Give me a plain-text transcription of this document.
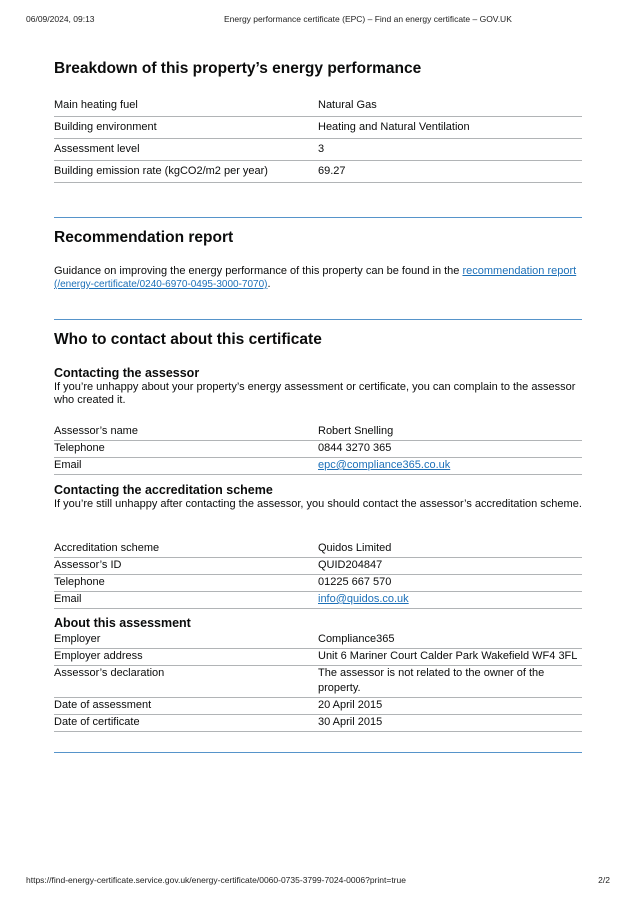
06/09/2024, 09:13	Energy performance certificate (EPC) – Find an energy certificate – GOV.UK
Breakdown of this property’s energy performance
Main heating fuel	Natural Gas
Building environment	Heating and Natural Ventilation
Assessment level	3
Building emission rate (kgCO2/m2 per year)	69.27
Recommendation report

Guidance on improving the energy performance of this property can be found in the recommendation report (/energy-certificate/0240-6970-0495-3000-7070).

Who to contact about this certificate
Contacting the assessor

If you’re unhappy about your property’s energy assessment or certificate, you can complain to the assessor who created it.

Assessor’s name	Robert Snelling
Telephone	0844 3270 365
Email	epc@compliance365.co.uk
Contacting the accreditation scheme

If you’re still unhappy after contacting the assessor, you should contact the assessor’s accreditation scheme.

Accreditation scheme	Quidos Limited
Assessor’s ID	QUID204847
Telephone	01225 667 570
Email	info@quidos.co.uk
About this assessment
Employer	Compliance365
Employer address	Unit 6 Mariner Court Calder Park Wakefield WF4 3FL
Assessor’s declaration	The assessor is not related to the owner of the property.
Date of assessment	20 April 2015
Date of certificate	30 April 2015
https://find-energy-certificate.service.gov.uk/energy-certificate/0060-0735-3799-7024-0006?print=true	2/2
